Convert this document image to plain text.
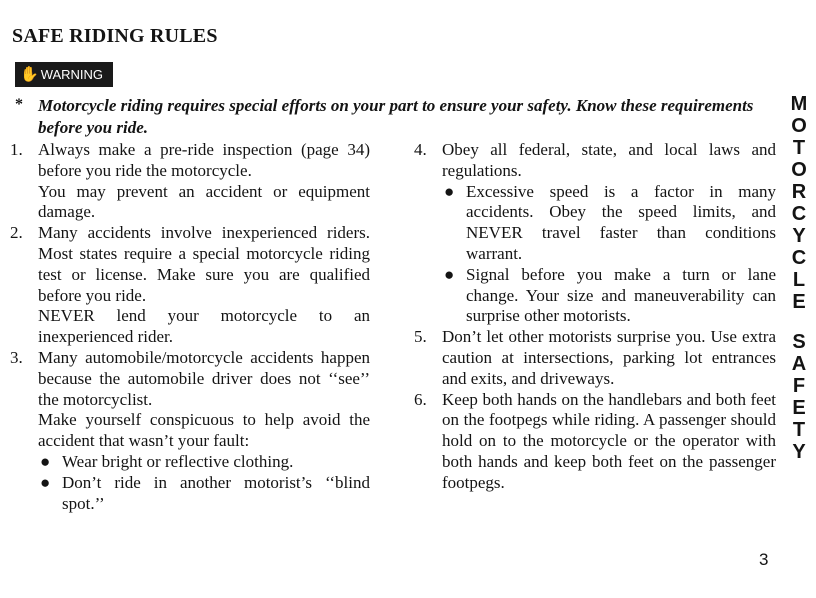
SAFE RIDING RULES
✋ WARNING
* Motorcycle riding requires special efforts on your part to ensure your safety. Know these requirements before you ride.

1. Always make a pre-ride inspection (page 34) before you ride the motorcycle.

You may prevent an accident or equipment damage.

2. Many accidents involve inexperienced riders. Most states require a special motorcycle riding test or license. Make sure you are qualified before you ride.

NEVER lend your motorcycle to an inexperienced rider.

3. Many automobile/motorcycle accidents happen because the automobile driver does not ‘‘see’’ the motorcyclist.

Make yourself conspicuous to help avoid the accident that wasn’t your fault:

● Wear bright or reflective clothing.

● Don’t ride in another motorist’s ‘‘blind spot.’’

4. Obey all federal, state, and local laws and regulations.

● Excessive speed is a factor in many accidents. Obey the speed limits, and NEVER travel faster than conditions warrant.

● Signal before you make a turn or lane change. Your size and maneuverability can surprise other motorists.

5. Don’t let other motorists surprise you. Use extra caution at intersections, parking lot entrances and exits, and driveways.

6. Keep both hands on the handlebars and both feet on the footpegs while riding. A passenger should hold on to the motorcycle or the operator with both hands and keep both feet on the passenger footpegs.

M
O
T
O
R
C
Y
C
L
E
S
A
F
E
T
Y
3
